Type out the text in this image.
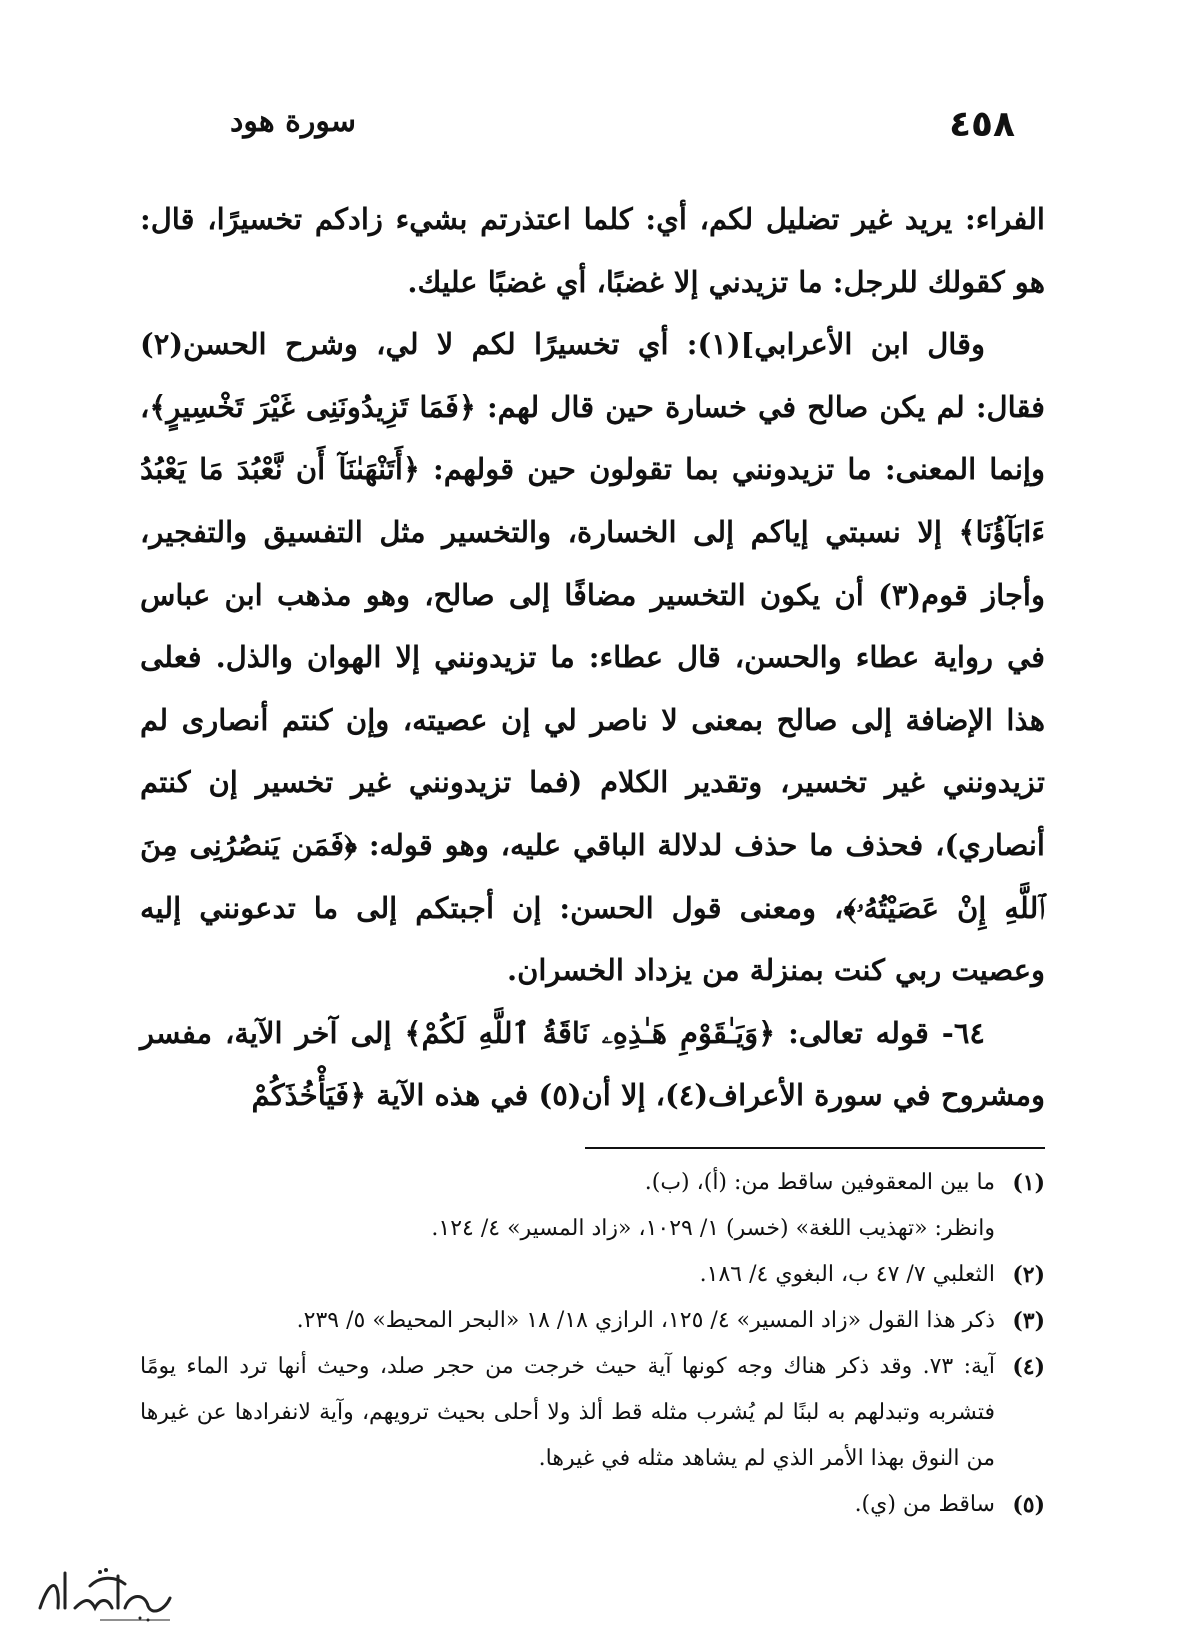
٤٥٨
سورة هود

الفراء: يريد غير تضليل لكم، أي: كلما اعتذرتم بشيء زادكم تخسيرًا، قال: هو كقولك للرجل: ما تزيدني إلا غضبًا، أي غضبًا عليك.

وقال ابن الأعرابي](١): أي تخسيرًا لكم لا لي، وشرح الحسن(٢) فقال: لم يكن صالح في خسارة حين قال لهم: ﴿فَمَا تَزِيدُونَنِى غَيْرَ تَخْسِيرٍ﴾، وإنما المعنى: ما تزيدونني بما تقولون حين قولهم: ﴿أَتَنْهَىٰنَآ أَن نَّعْبُدَ مَا يَعْبُدُ ءَابَآؤُنَا﴾ إلا نسبتي إياكم إلى الخسارة، والتخسير مثل التفسيق والتفجير، وأجاز قوم(٣) أن يكون التخسير مضافًا إلى صالح، وهو مذهب ابن عباس في رواية عطاء والحسن، قال عطاء: ما تزيدونني إلا الهوان والذل. فعلى هذا الإضافة إلى صالح بمعنى لا ناصر لي إن عصيته، وإن كنتم أنصارى لم تزيدونني غير تخسير، وتقدير الكلام (فما تزيدونني غير تخسير إن كنتم أنصاري)، فحذف ما حذف لدلالة الباقي عليه، وهو قوله: ﴿فَمَن يَنصُرُنِى مِنَ ٱللَّهِ إِنْ عَصَيْتُهُۥ﴾، ومعنى قول الحسن: إن أجبتكم إلى ما تدعونني إليه وعصيت ربي كنت بمنزلة من يزداد الخسران.

٦٤- قوله تعالى: ﴿وَيَـٰقَوْمِ هَـٰذِهِۦ نَاقَةُ ٱللَّهِ لَكُمْ﴾ إلى آخر الآية، مفسر ومشروح في سورة الأعراف(٤)، إلا أن(٥) في هذه الآية ﴿فَيَأْخُذَكُمْ

(١)
ما بين المعقوفين ساقط من: (أ)، (ب).
وانظر: «تهذيب اللغة» (خسر) ١/ ١٠٢٩، «زاد المسير» ٤/ ١٢٤.
(٢)
الثعلبي ٧/ ٤٧ ب، البغوي ٤/ ١٨٦.
(٣)
ذكر هذا القول «زاد المسير» ٤/ ١٢٥، الرازي ١٨/ ١٨ «البحر المحيط» ٥/ ٢٣٩.
(٤)
آية: ٧٣. وقد ذكر هناك وجه كونها آية حيث خرجت من حجر صلد، وحيث أنها ترد الماء يومًا فتشربه وتبدلهم به لبنًا لم يُشرب مثله قط ألذ ولا أحلى بحيث ترويهم، وآية لانفرادها عن غيرها من النوق بهذا الأمر الذي لم يشاهد مثله في غيرها.
(٥)
ساقط من (ي).
